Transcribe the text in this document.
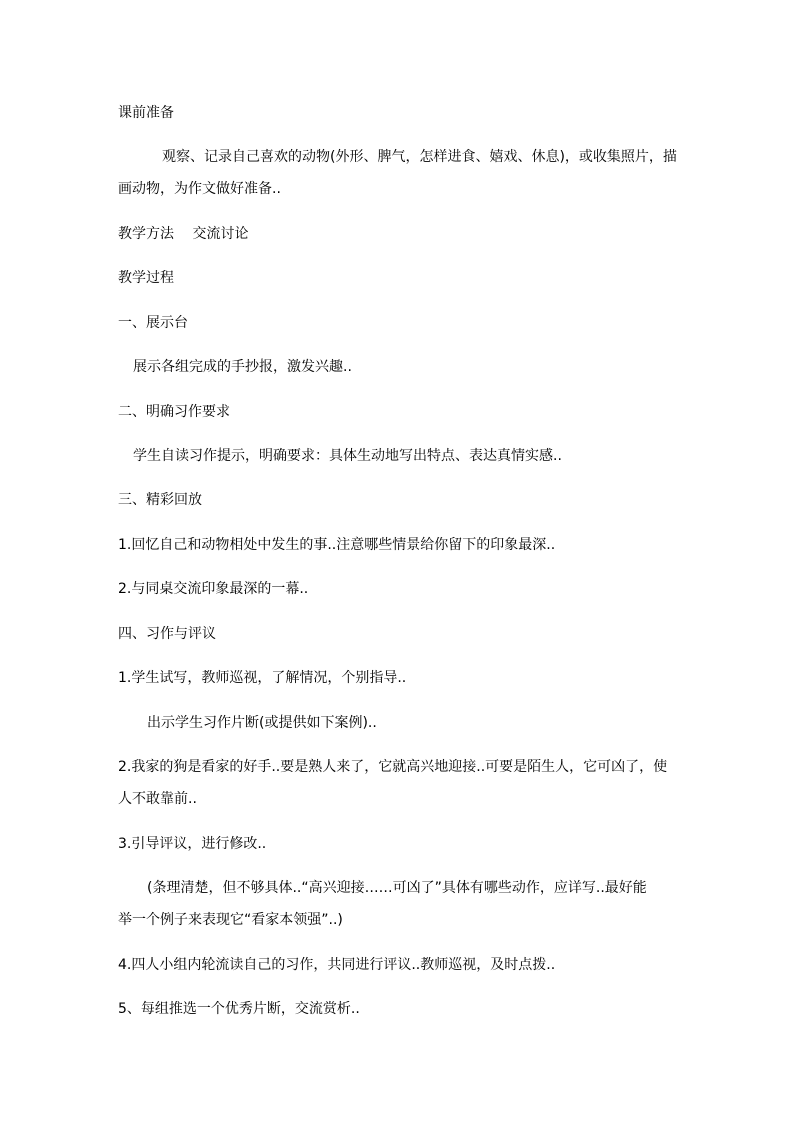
课前准备
观察、记录自己喜欢的动物(外形、脾气，怎样进食、嬉戏、休息)，或收集照片，描
画动物，为作文做好准备..
教学方法　 交流讨论
教学过程
一、展示台
展示各组完成的手抄报，激发兴趣..
二、明确习作要求
学生自读习作提示，明确要求：具体生动地写出特点、表达真情实感..
三、精彩回放
1.回忆自己和动物相处中发生的事..注意哪些情景给你留下的印象最深..
2.与同桌交流印象最深的一幕..
四、习作与评议
1.学生试写，教师巡视，了解情况，个别指导..
出示学生习作片断(或提供如下案例)..
2.我家的狗是看家的好手..要是熟人来了，它就高兴地迎接..可要是陌生人，它可凶了，使
人不敢靠前..
3.引导评议，进行修改..
(条理清楚，但不够具体..“高兴迎接……可凶了”具体有哪些动作，应详写..最好能
举一个例子来表现它“看家本领强”..)
4.四人小组内轮流读自己的习作，共同进行评议..教师巡视，及时点拨..
5、每组推选一个优秀片断，交流赏析..
